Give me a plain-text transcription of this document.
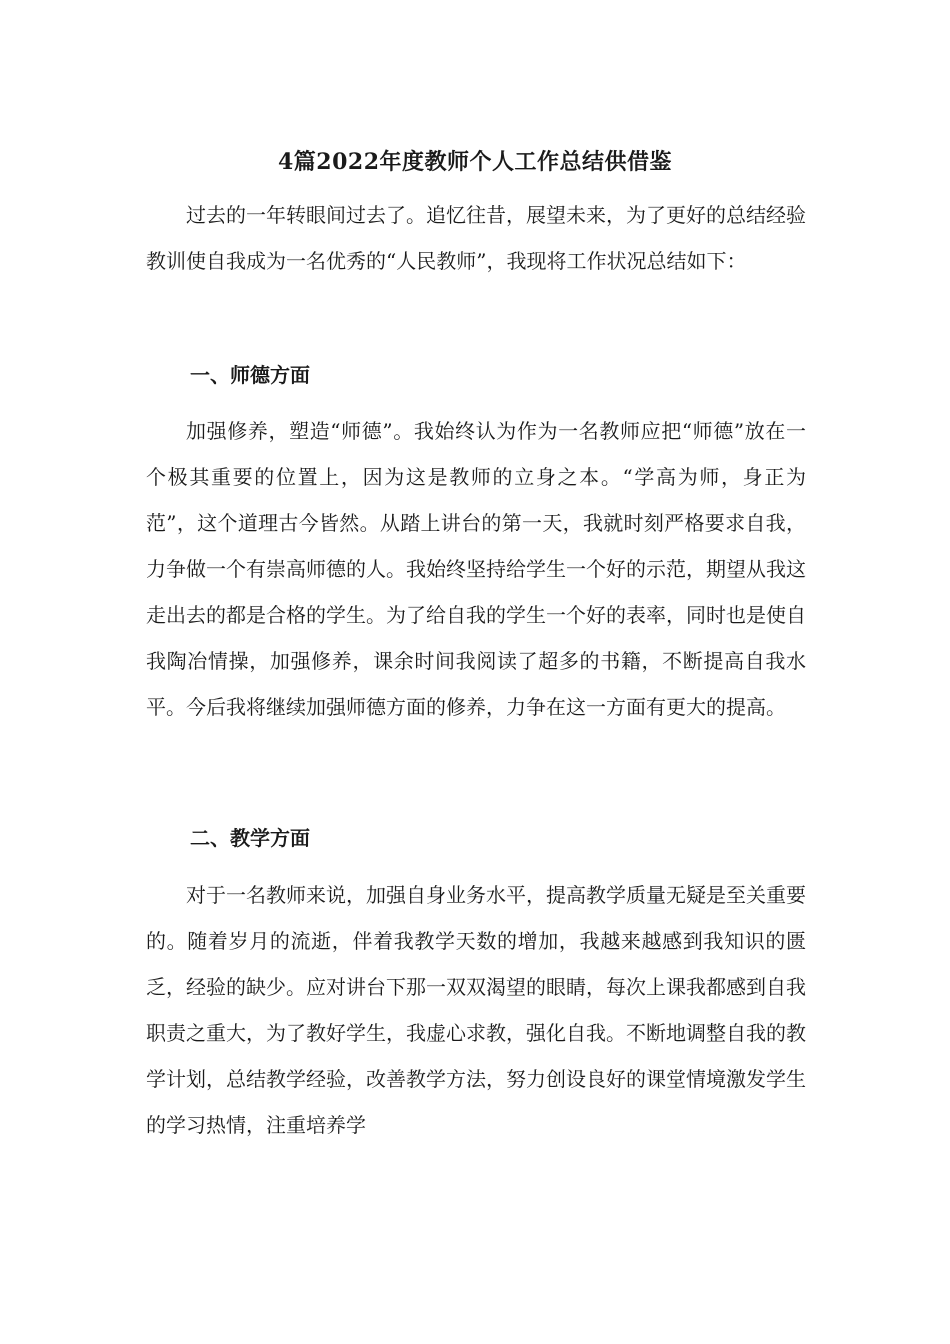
4篇2022年度教师个人工作总结供借鉴

过去的一年转眼间过去了。追忆往昔，展望未来，为了更好的总结经验教训使自我成为一名优秀的“人民教师”，我现将工作状况总结如下：

一、师德方面

加强修养，塑造“师德”。我始终认为作为一名教师应把“师德”放在一个极其重要的位置上，因为这是教师的立身之本。“学高为师，身正为范”，这个道理古今皆然。从踏上讲台的第一天，我就时刻严格要求自我，力争做一个有崇高师德的人。我始终坚持给学生一个好的示范，期望从我这走出去的都是合格的学生。为了给自我的学生一个好的表率，同时也是使自我陶冶情操，加强修养，课余时间我阅读了超多的书籍，不断提高自我水平。今后我将继续加强师德方面的修养，力争在这一方面有更大的提高。

二、教学方面

对于一名教师来说，加强自身业务水平，提高教学质量无疑是至关重要的。随着岁月的流逝，伴着我教学天数的增加，我越来越感到我知识的匮乏，经验的缺少。应对讲台下那一双双渴望的眼睛，每次上课我都感到自我职责之重大，为了教好学生，我虚心求教，强化自我。不断地调整自我的教学计划，总结教学经验，改善教学方法，努力创设良好的课堂情境激发学生的学习热情，注重培养学
